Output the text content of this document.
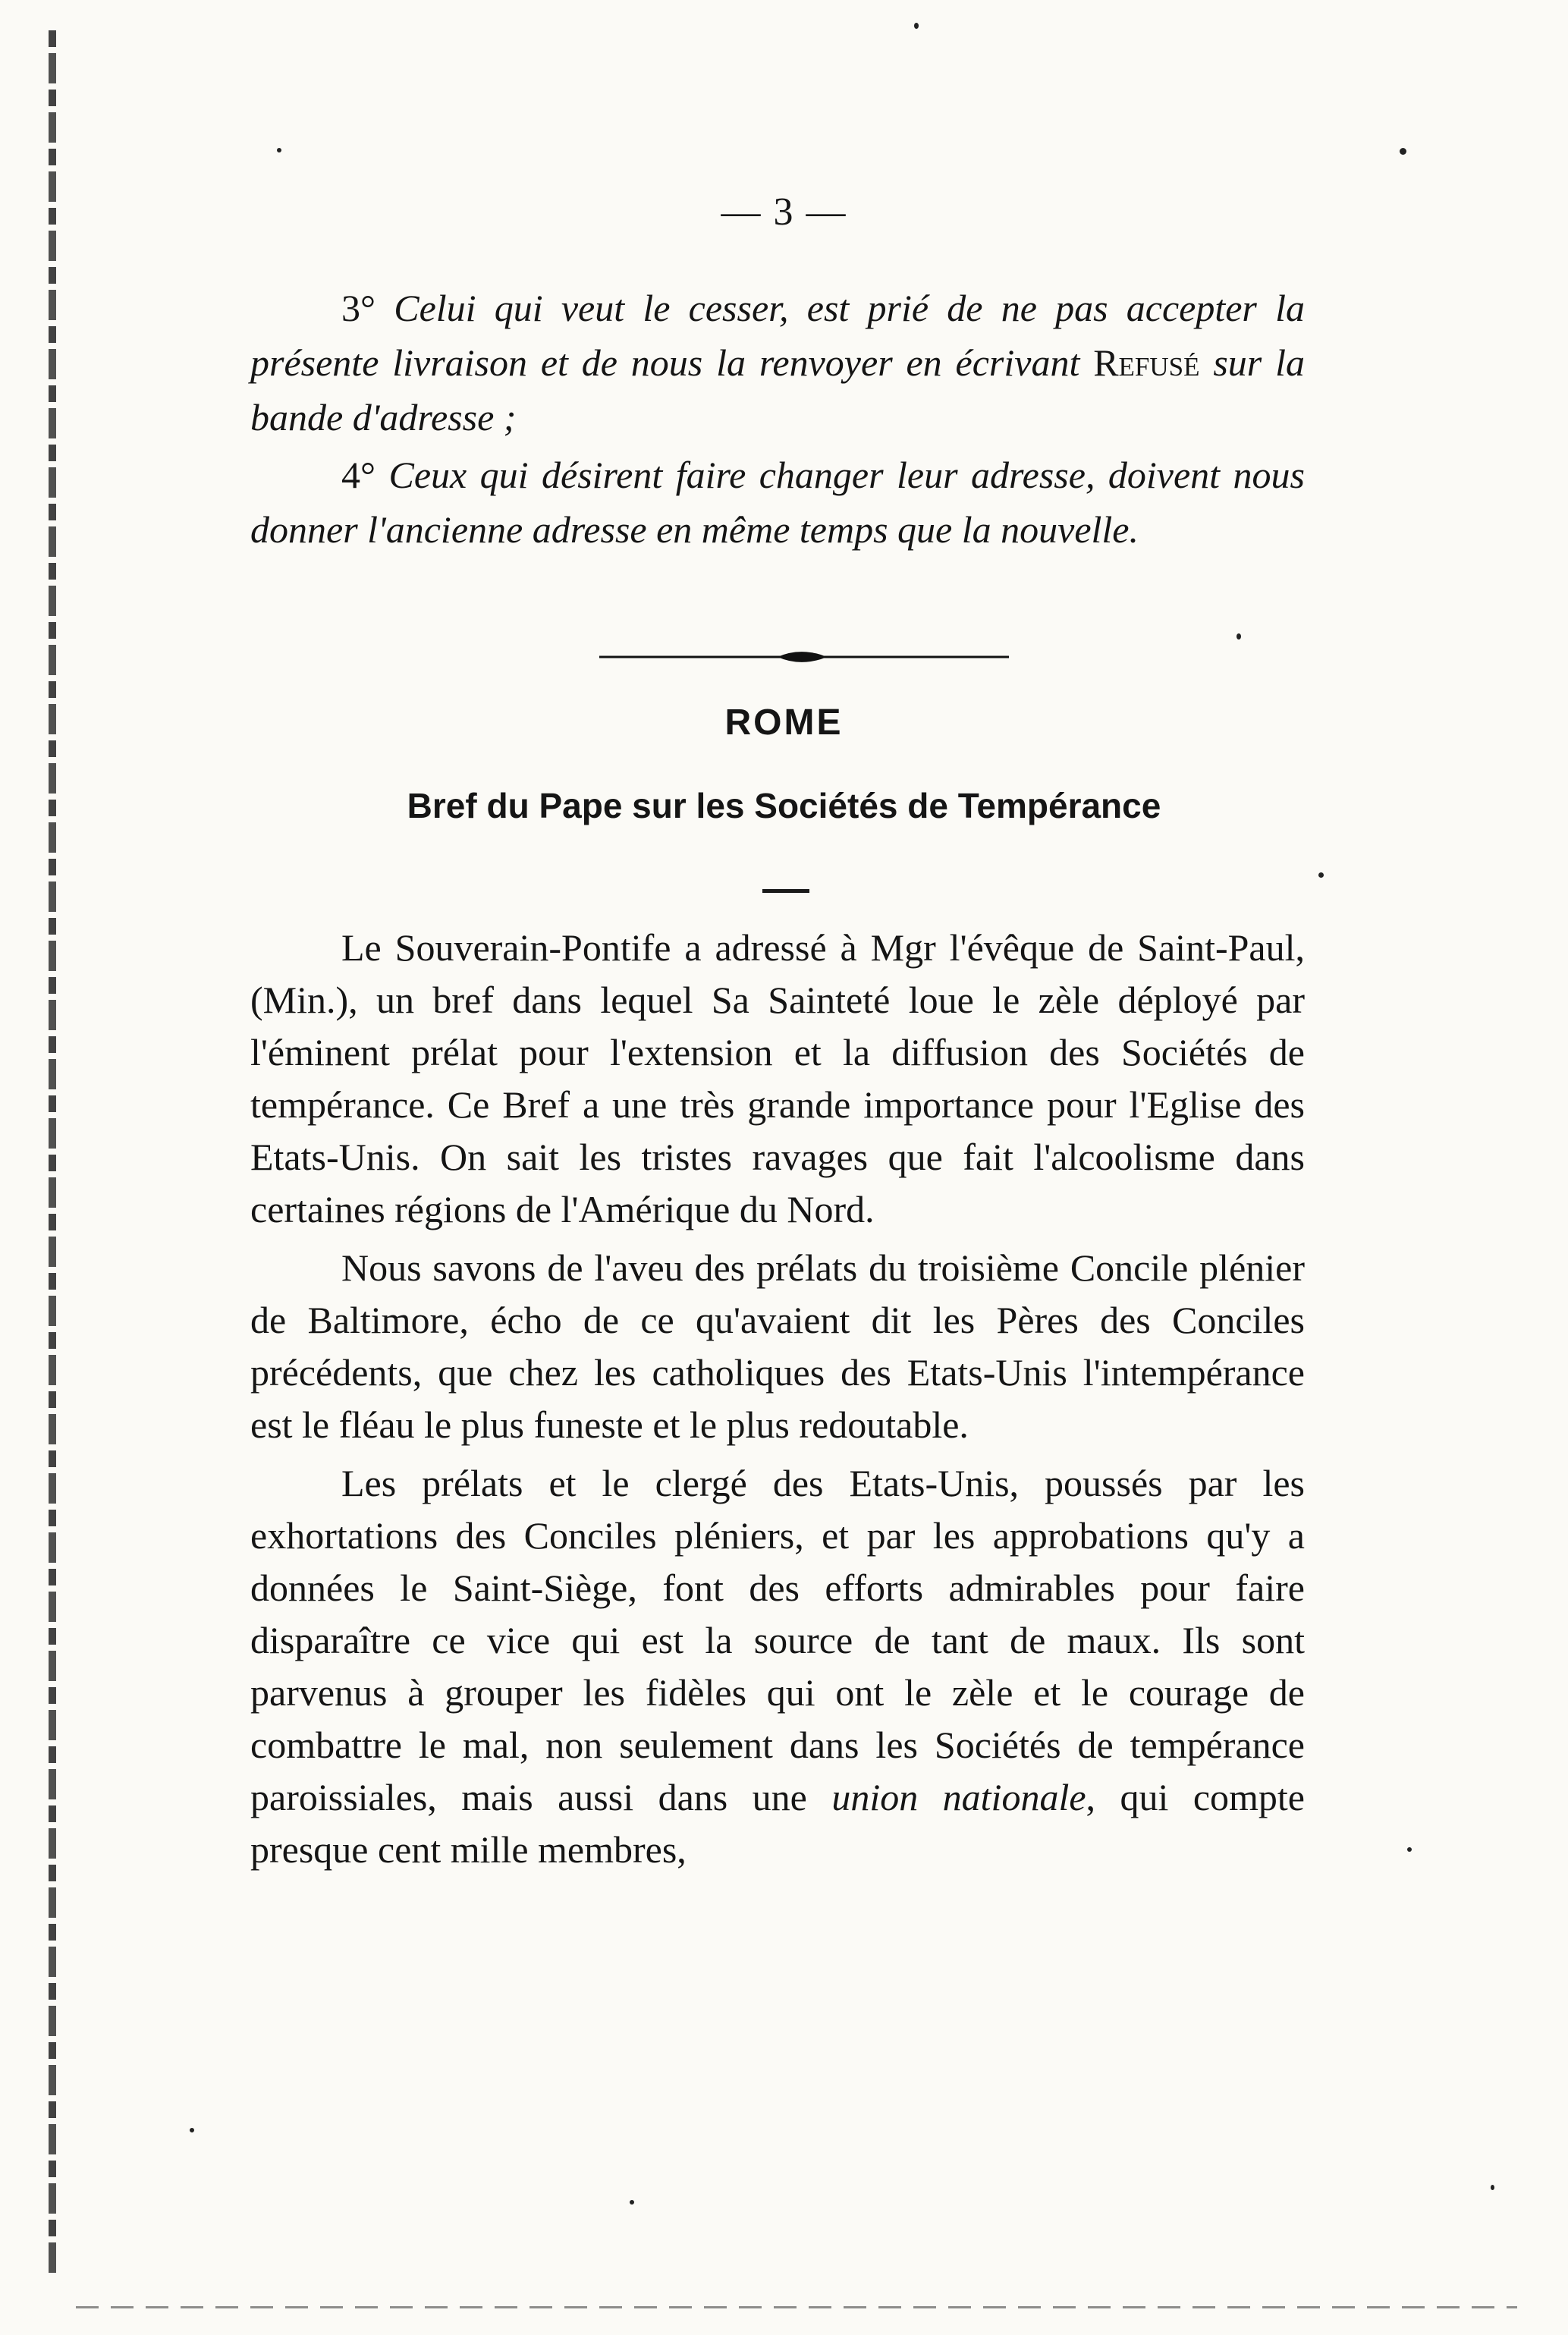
— 3 —
3° Celui qui veut le cesser, est prié de ne pas accepter la présente livraison et de nous la renvoyer en écrivant Refusé sur la bande d'adresse ;
4° Ceux qui désirent faire changer leur adresse, doivent nous donner l'ancienne adresse en même temps que la nouvelle.
ROME
Bref du Pape sur les Sociétés de Tempérance

Le Souverain-Pontife a adressé à Mgr l'évêque de Saint-Paul, (Min.), un bref dans lequel Sa Sainteté loue le zèle déployé par l'éminent prélat pour l'extension et la diffusion des Sociétés de tempérance. Ce Bref a une très grande importance pour l'Eglise des Etats-Unis. On sait les tristes ravages que fait l'alcoolisme dans certaines régions de l'Amérique du Nord.

Nous savons de l'aveu des prélats du troisième Concile plénier de Baltimore, écho de ce qu'avaient dit les Pères des Conciles précédents, que chez les catholiques des Etats-Unis l'intempérance est le fléau le plus funeste et le plus redoutable.

Les prélats et le clergé des Etats-Unis, poussés par les exhortations des Conciles pléniers, et par les approbations qu'y a données le Saint-Siège, font des efforts admirables pour faire disparaître ce vice qui est la source de tant de maux. Ils sont parvenus à grouper les fidèles qui ont le zèle et le courage de combattre le mal, non seulement dans les Sociétés de tempérance paroissiales, mais aussi dans une union nationale, qui compte presque cent mille membres,
